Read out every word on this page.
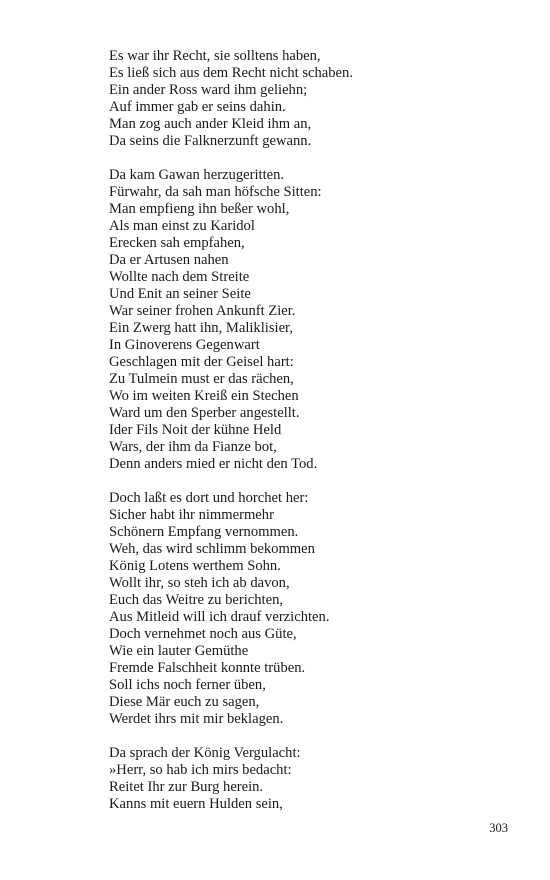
Es war ihr Recht, sie solltens haben,
Es ließ sich aus dem Recht nicht schaben.
Ein ander Ross ward ihm geliehn;
Auf immer gab er seins dahin.
Man zog auch ander Kleid ihm an,
Da seins die Falknerzunft gewann.
Da kam Gawan herzugeritten.
Fürwahr, da sah man höfsche Sitten:
Man empfieng ihn beßer wohl,
Als man einst zu Karidol
Erecken sah empfahen,
Da er Artusen nahen
Wollte nach dem Streite
Und Enit an seiner Seite
War seiner frohen Ankunft Zier.
Ein Zwerg hatt ihn, Maliklisier,
In Ginoverens Gegenwart
Geschlagen mit der Geisel hart:
Zu Tulmein must er das rächen,
Wo im weiten Kreiß ein Stechen
Ward um den Sperber angestellt.
Ider Fils Noit der kühne Held
Wars, der ihm da Fianze bot,
Denn anders mied er nicht den Tod.
Doch laßt es dort und horchet her:
Sicher habt ihr nimmermehr
Schönern Empfang vernommen.
Weh, das wird schlimm bekommen
König Lotens werthem Sohn.
Wollt ihr, so steh ich ab davon,
Euch das Weitre zu berichten,
Aus Mitleid will ich drauf verzichten.
Doch vernehmet noch aus Güte,
Wie ein lauter Gemüthe
Fremde Falschheit konnte trüben.
Soll ichs noch ferner üben,
Diese Mär euch zu sagen,
Werdet ihrs mit mir beklagen.
Da sprach der König Vergulacht:
»Herr, so hab ich mirs bedacht:
Reitet Ihr zur Burg herein.
Kanns mit euern Hulden sein,
303
